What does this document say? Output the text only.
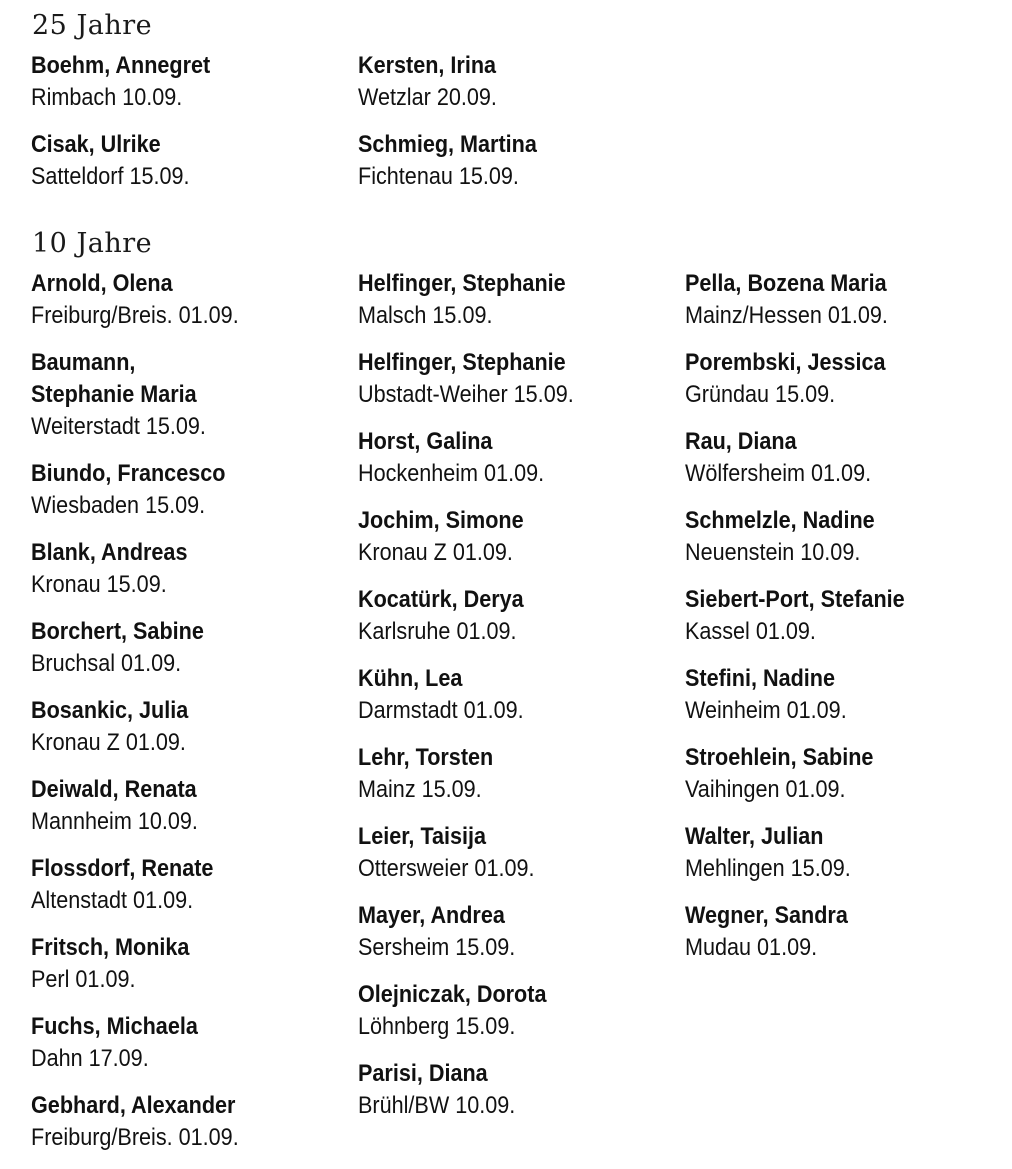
25 Jahre
Boehm, Annegret
Rimbach 10.09.
Cisak, Ulrike
Satteldorf 15.09.
Kersten, Irina
Wetzlar 20.09.
Schmieg, Martina
Fichtenau 15.09.
10 Jahre
Arnold, Olena
Freiburg/Breis. 01.09.
Baumann,
Stephanie Maria
Weiterstadt 15.09.
Biundo, Francesco
Wiesbaden 15.09.
Blank, Andreas
Kronau 15.09.
Borchert, Sabine
Bruchsal 01.09.
Bosankic, Julia
Kronau Z 01.09.
Deiwald, Renata
Mannheim 10.09.
Flossdorf, Renate
Altenstadt 01.09.
Fritsch, Monika
Perl 01.09.
Fuchs, Michaela
Dahn 17.09.
Gebhard, Alexander
Freiburg/Breis. 01.09.
Helfinger, Stephanie
Malsch 15.09.
Helfinger, Stephanie
Ubstadt-Weiher 15.09.
Horst, Galina
Hockenheim 01.09.
Jochim, Simone
Kronau Z 01.09.
Kocatürk, Derya
Karlsruhe 01.09.
Kühn, Lea
Darmstadt 01.09.
Lehr, Torsten
Mainz 15.09.
Leier, Taisija
Ottersweier 01.09.
Mayer, Andrea
Sersheim 15.09.
Olejniczak, Dorota
Löhnberg 15.09.
Parisi, Diana
Brühl/BW 10.09.
Pella, Bozena Maria
Mainz/Hessen 01.09.
Porembski, Jessica
Gründau 15.09.
Rau, Diana
Wölfersheim 01.09.
Schmelzle, Nadine
Neuenstein 10.09.
Siebert-Port, Stefanie
Kassel 01.09.
Stefini, Nadine
Weinheim 01.09.
Stroehlein, Sabine
Vaihingen 01.09.
Walter, Julian
Mehlingen 15.09.
Wegner, Sandra
Mudau 01.09.
